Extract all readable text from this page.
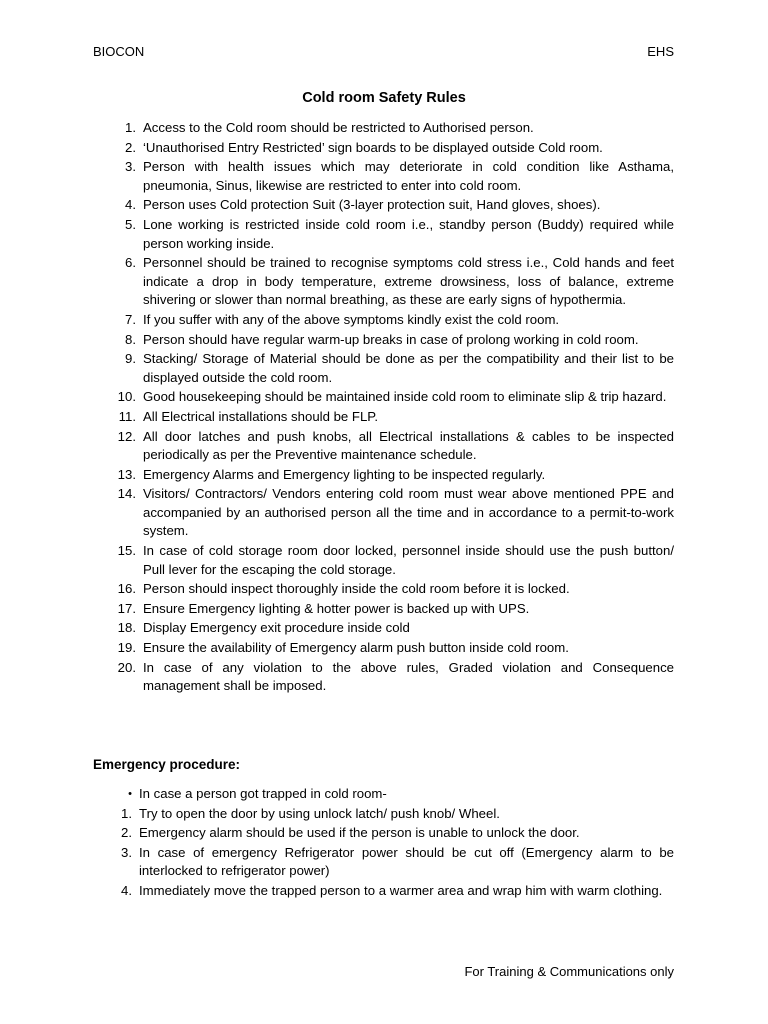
BIOCON	EHS
Cold room Safety Rules
1. Access to the Cold room should be restricted to Authorised person.
2. ‘Unauthorised Entry Restricted’ sign boards to be displayed outside Cold room.
3. Person with health issues which may deteriorate in cold condition like Asthama, pneumonia, Sinus, likewise are restricted to enter into cold room.
4. Person uses Cold protection Suit (3-layer protection suit, Hand gloves, shoes).
5. Lone working is restricted inside cold room i.e., standby person (Buddy) required while person working inside.
6. Personnel should be trained to recognise symptoms cold stress i.e., Cold hands and feet indicate a drop in body temperature, extreme drowsiness, loss of balance, extreme shivering or slower than normal breathing, as these are early signs of hypothermia.
7. If you suffer with any of the above symptoms kindly exist the cold room.
8. Person should have regular warm-up breaks in case of prolong working in cold room.
9. Stacking/ Storage of Material should be done as per the compatibility and their list to be displayed outside the cold room.
10. Good housekeeping should be maintained inside cold room to eliminate slip & trip hazard.
11. All Electrical installations should be FLP.
12. All door latches and push knobs, all Electrical installations & cables to be inspected periodically as per the Preventive maintenance schedule.
13. Emergency Alarms and Emergency lighting to be inspected regularly.
14. Visitors/ Contractors/ Vendors entering cold room must wear above mentioned PPE and accompanied by an authorised person all the time and in accordance to a permit-to-work system.
15. In case of cold storage room door locked, personnel inside should use the push button/ Pull lever for the escaping the cold storage.
16. Person should inspect thoroughly inside the cold room before it is locked.
17. Ensure Emergency lighting & hotter power is backed up with UPS.
18. Display Emergency exit procedure inside cold
19. Ensure the availability of Emergency alarm push button inside cold room.
20. In case of any violation to the above rules, Graded violation and Consequence management shall be imposed.
Emergency procedure:
• In case a person got trapped in cold room-
1. Try to open the door by using unlock latch/ push knob/ Wheel.
2. Emergency alarm should be used if the person is unable to unlock the door.
3. In case of emergency Refrigerator power should be cut off (Emergency alarm to be interlocked to refrigerator power)
4. Immediately move the trapped person to a warmer area and wrap him with warm clothing.
For Training & Communications only
